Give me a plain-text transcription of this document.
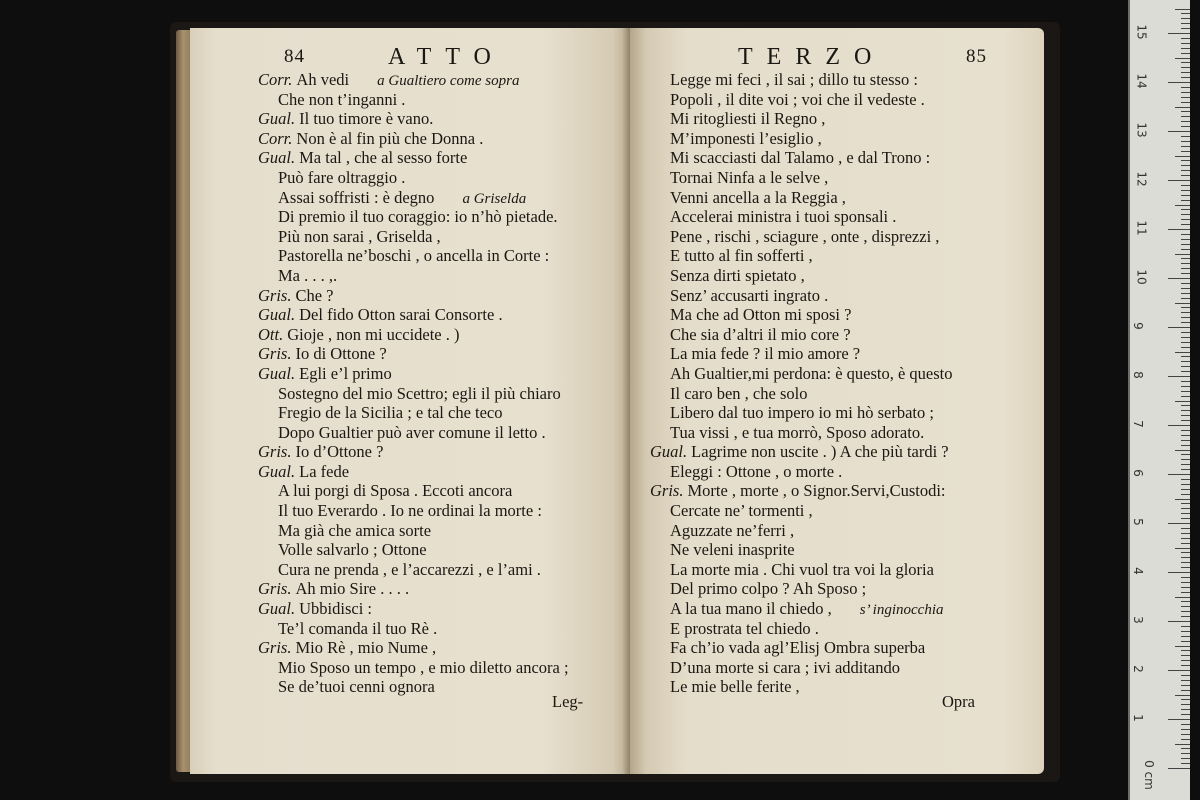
84	ATTO
Corr. Ah vedi a Gualtiero come sopra
Che non t’inganni .
Gual. Il tuo timore è vano.
Corr. Non è al fin più che Donna .
Gual. Ma tal , che al sesso forte
Può fare oltraggio .
Assai soffristi : è degno a Griselda
Di premio il tuo coraggio: io n’hò pietade.
Più non sarai , Griselda ,
Pastorella ne’boschi , o ancella in Corte :
Ma . . . ,.
Gris. Che ?
Gual. Del fido Otton sarai Consorte .
Ott. Gioje , non mi uccidete . )
Gris. Io di Ottone ?
Gual. Egli e’l primo
Sostegno del mio Scettro; egli il più chiaro
Fregio de la Sicilia ; e tal che teco
Dopo Gualtier può aver comune il letto .
Gris. Io d’Ottone ?
Gual. La fede
A lui porgi di Sposa . Eccoti ancora
Il tuo Everardo . Io ne ordinai la morte :
Ma già che amica sorte
Volle salvarlo ; Ottone
Cura ne prenda , e l’accarezzi , e l’ami .
Gris. Ah mio Sire . . . .
Gual. Ubbidisci :
Te’l comanda il tuo Rè .
Gris. Mio Rè , mio Nume ,
Mio Sposo un tempo , e mio diletto ancora ;
Se de’tuoi cenni ognora
Leg-
TERZO	85
Legge mi feci , il sai ; dillo tu stesso :
Popoli , il dite voi ; voi che il vedeste .
Mi ritogliesti il Regno ,
M’imponesti l’esiglio ,
Mi scacciasti dal Talamo , e dal Trono :
Tornai Ninfa a le selve ,
Venni ancella a la Reggia ,
Accelerai ministra i tuoi sponsali .
Pene , rischi , sciagure , onte , disprezzi ,
E tutto al fin sofferti ,
Senza dirti spietato ,
Senz’ accusarti ingrato .
Ma che ad Otton mi sposi ?
Che sia d’altri il mio core ?
La mia fede ? il mio amore ?
Ah Gualtier,mi perdona: è questo, è questo
Il caro ben , che solo
Libero dal tuo impero io mi hò serbato ;
Tua vissi , e tua morrò, Sposo adorato.
Gual. Lagrime non uscite . ) A che più tardi ?
Eleggi : Ottone , o morte .
Gris. Morte , morte , o Signor.Servi,Custodi:
Cercate ne’ tormenti ,
Aguzzate ne’ferri ,
Ne veleni inasprite
La morte mia . Chi vuol tra voi la gloria
Del primo colpo ? Ah Sposo ;
A la tua mano il chiedo , s’ inginocchia
E prostrata tel chiedo .
Fa ch’io vada agl’Elisj Ombra superba
D’una morte si cara ; ivi additando
Le mie belle ferite ,
Opra
0 cm
1
2
3
4
5
6
7
8
9
10
11
12
13
14
15
